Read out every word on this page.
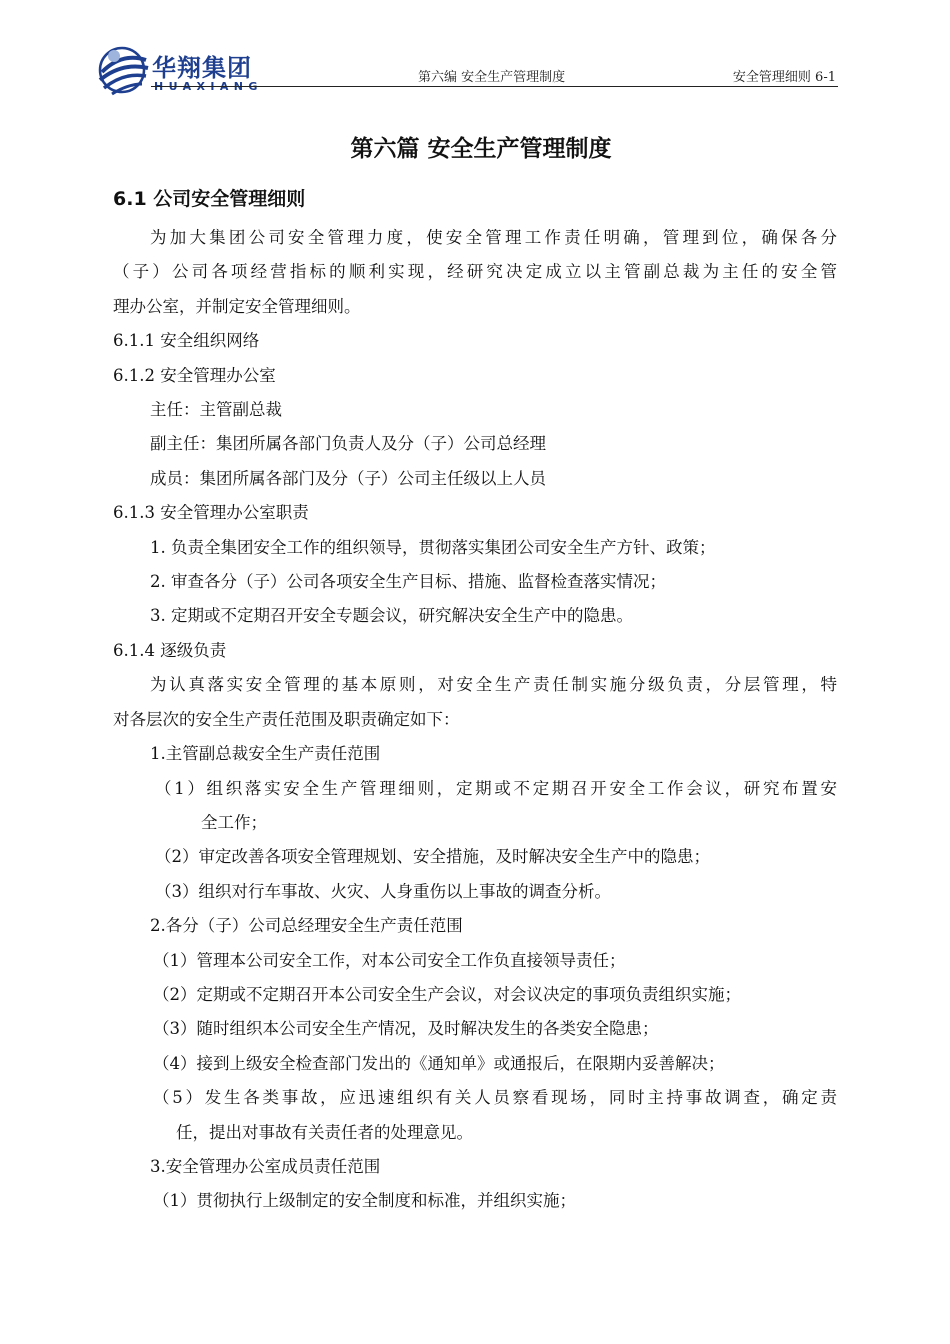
华翔集团
HUAXIANG
第六编 安全生产管理制度	安全管理细则 6-1
第六篇 安全生产管理制度
6.1 公司安全管理细则
为加大集团公司安全管理力度，使安全管理工作责任明确，管理到位，确保各分
（子）公司各项经营指标的顺利实现，经研究决定成立以主管副总裁为主任的安全管
理办公室，并制定安全管理细则。
6.1.1 安全组织网络
6.1.2 安全管理办公室
主任：主管副总裁
副主任：集团所属各部门负责人及分（子）公司总经理
成员：集团所属各部门及分（子）公司主任级以上人员
6.1.3 安全管理办公室职责
1. 负责全集团安全工作的组织领导，贯彻落实集团公司安全生产方针、政策；
2. 审查各分（子）公司各项安全生产目标、措施、监督检查落实情况；
3. 定期或不定期召开安全专题会议，研究解决安全生产中的隐患。
6.1.4 逐级负责
为认真落实安全管理的基本原则，对安全生产责任制实施分级负责，分层管理，特
对各层次的安全生产责任范围及职责确定如下：
1.主管副总裁安全生产责任范围
（1）组织落实安全生产管理细则，定期或不定期召开安全工作会议，研究布置安
全工作；
（2）审定改善各项安全管理规划、安全措施，及时解决安全生产中的隐患；
（3）组织对行车事故、火灾、人身重伤以上事故的调查分析。
2.各分（子）公司总经理安全生产责任范围
（1）管理本公司安全工作，对本公司安全工作负直接领导责任；
（2）定期或不定期召开本公司安全生产会议，对会议决定的事项负责组织实施；
（3）随时组织本公司安全生产情况，及时解决发生的各类安全隐患；
（4）接到上级安全检查部门发出的《通知单》或通报后，在限期内妥善解决；
（5）发生各类事故，应迅速组织有关人员察看现场，同时主持事故调查，确定责
任，提出对事故有关责任者的处理意见。
3.安全管理办公室成员责任范围
（1）贯彻执行上级制定的安全制度和标准，并组织实施；
